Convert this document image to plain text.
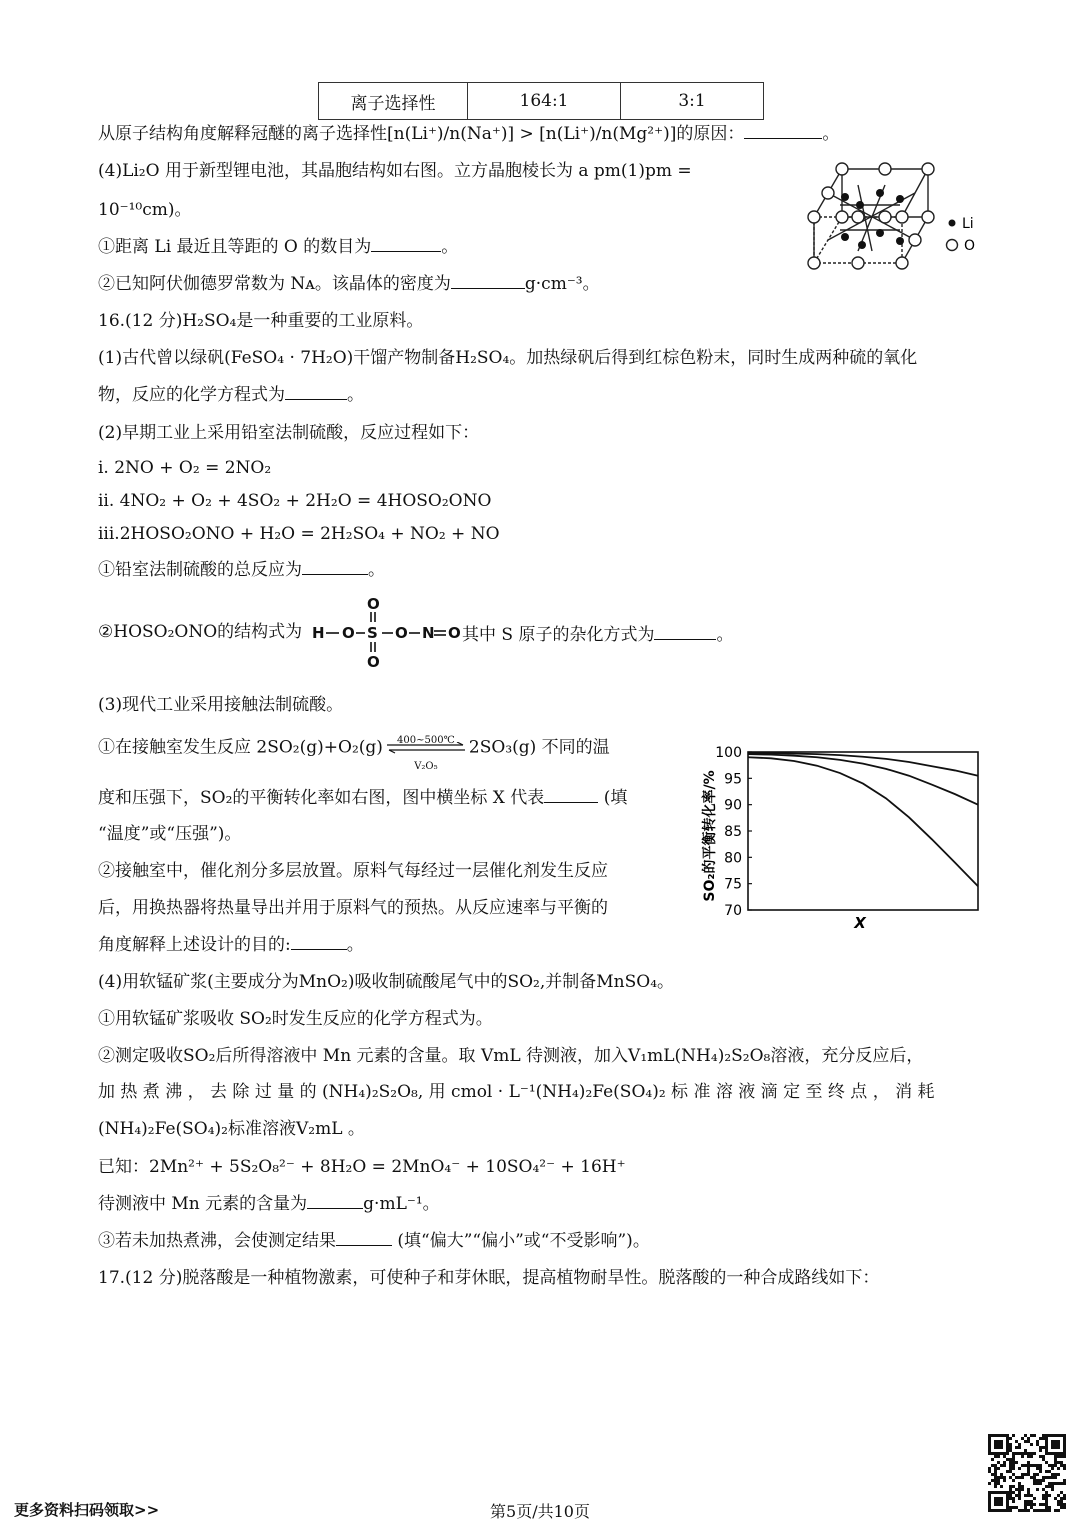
离子选择性	164:1	3:1
从原子结构角度解释冠醚的离子选择性[n(Li⁺)/n(Na⁺)] > [n(Li⁺)/n(Mg²⁺)]的原因：	。
(4)Li₂O 用于新型锂电池，其晶胞结构如右图。立方晶胞棱长为 a pm(1)pm =
10⁻¹⁰cm)。
①距离 Li 最近且等距的 O 的数目为	。
②已知阿伏伽德罗常数为 Nᴀ。该晶体的密度为	g·cm⁻³。
Li
O
16.(12 分)H₂SO₄是一种重要的工业原料。
(1)古代曾以绿矾(FeSO₄ · 7H₂O)干馏产物制备H₂SO₄。加热绿矾后得到红棕色粉末，同时生成两种硫的氧化
物，反应的化学方程式为	。
(2)早期工业上采用铅室法制硫酸，反应过程如下：
i. 2NO + O₂ = 2NO₂
ii. 4NO₂ + O₂ + 4SO₂ + 2H₂O = 4HOSO₂ONO
iii.2HOSO₂ONO + H₂O = 2H₂SO₄ + NO₂ + NO
①铅室法制硫酸的总反应为	。
②HOSO₂ONO的结构式为 H O S
O
O
O N O 其中 S 原子的杂化方式为	。
(3)现代工业采用接触法制硫酸。
①在接触室发生反应 2SO₂(g)+O₂(g)	400~500℃
V₂O₅
2SO₃(g) 不同的温
度和压强下，SO₂的平衡转化率如右图，图中横坐标 X 代表	(填
“温度”或“压强”)。
②接触室中，催化剂分多层放置。原料气每经过一层催化剂发生反应
后，用换热器将热量导出并用于原料气的预热。从反应速率与平衡的
角度解释上述设计的目的:	。
SO₂的平衡转化率/%
100
95
90
85
80
75
70
X
(4)用软锰矿浆(主要成分为MnO₂)吸收制硫酸尾气中的SO₂,并制备MnSO₄。
①用软锰矿浆吸收 SO₂时发生反应的化学方程式为。
②测定吸收SO₂后所得溶液中 Mn 元素的含量。取 VmL 待测液，加入V₁mL(NH₄)₂S₂O₈溶液，充分反应后，
加 热 煮 沸 ， 去 除 过 量 的 (NH₄)₂S₂O₈, 用 cmol · L⁻¹(NH₄)₂Fe(SO₄)₂ 标 准 溶 液 滴 定 至 终 点 ， 消 耗
(NH₄)₂Fe(SO₄)₂标准溶液V₂mL 。
已知：2Mn²⁺ + 5S₂O₈²⁻ + 8H₂O = 2MnO₄⁻ + 10SO₄²⁻ + 16H⁺
待测液中 Mn 元素的含量为	g·mL⁻¹。
③若未加热煮沸，会使测定结果	(填“偏大”“偏小”或“不受影响”)。
17.(12 分)脱落酸是一种植物激素，可使种子和芽休眠，提高植物耐旱性。脱落酸的一种合成路线如下：
更多资料扫码领取>>	第5页/共10页
